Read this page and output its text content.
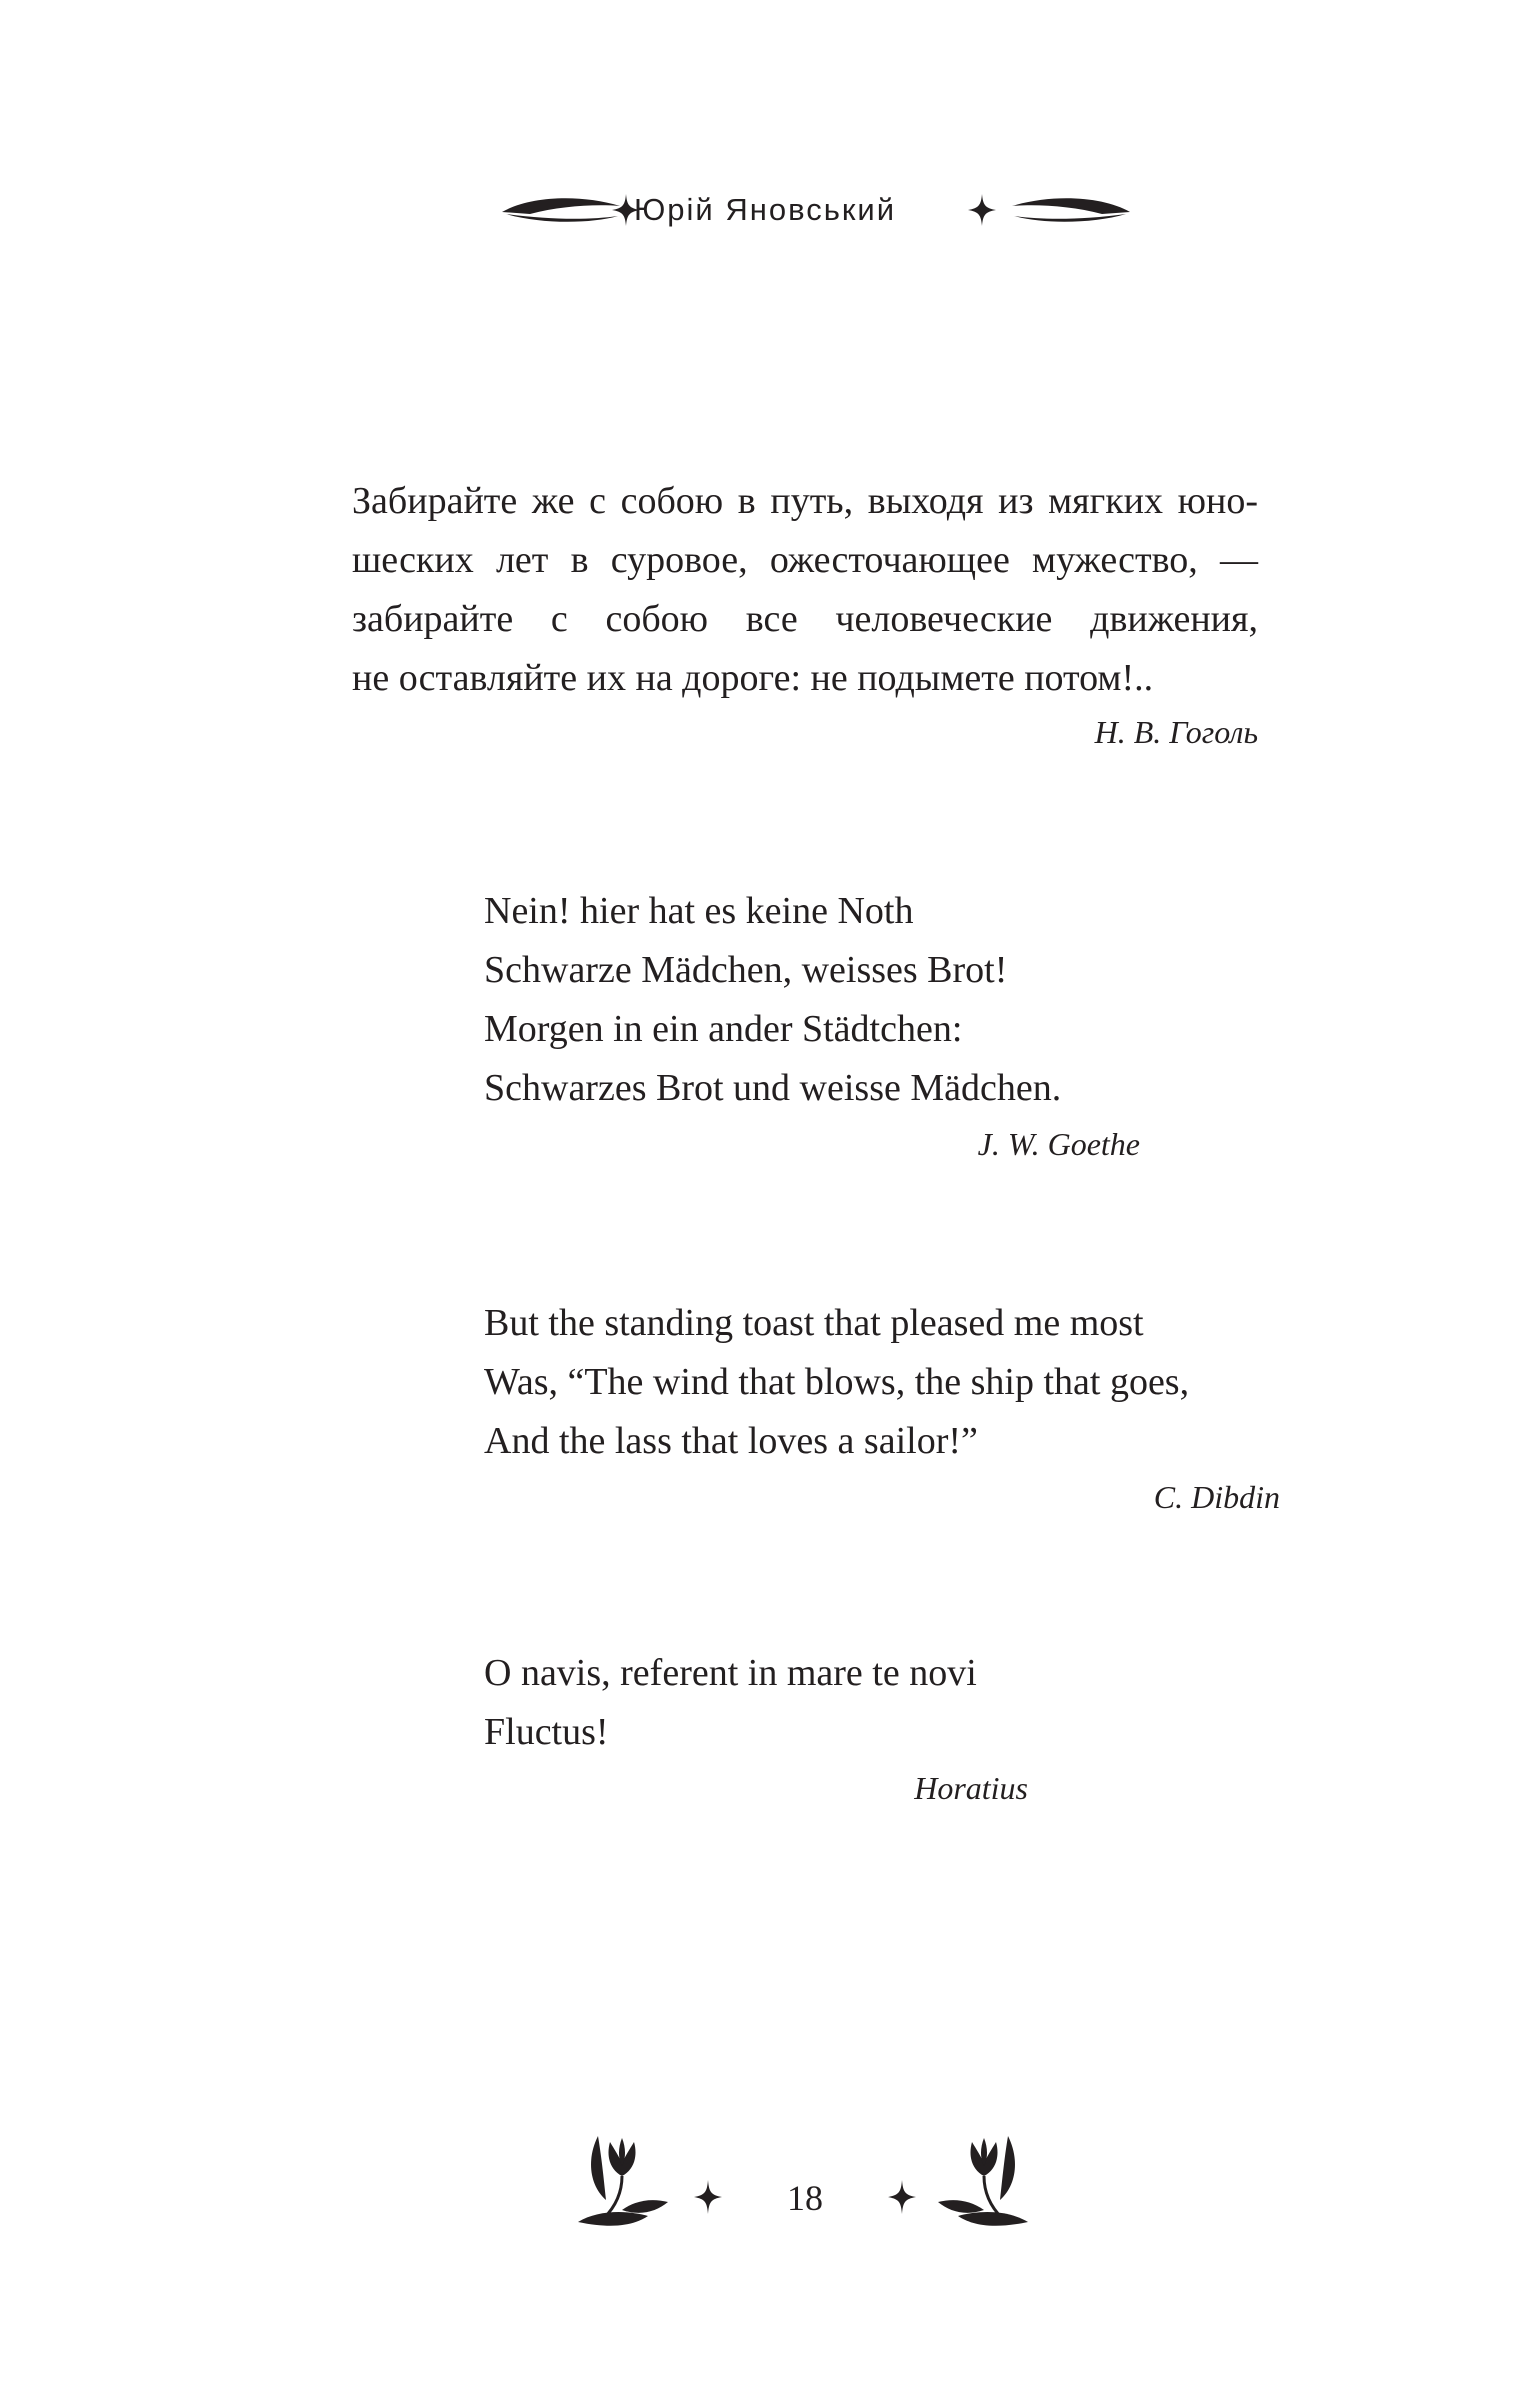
Юрій Яновський
Забирайте же с собою в путь, выходя из мягких юно-
шеских лет в суровое, ожесточающее мужество, —
забирайте с собою все человеческие движения,
не оставляйте их на дороге: не подымете потом!..
Н. В. Гоголь
Nein! hier hat es keine Noth
Schwarze Mädchen, weisses Brot!
Morgen in ein ander Städtchen:
Schwarzes Brot und weisse Mädchen.
J. W. Goethe
But the standing toast that pleased me most
Was, “The wind that blows, the ship that goes,
And the lass that loves a sailor!”
C. Dibdin
O navis, referent in mare te novi
Fluctus!
Horatius
18
